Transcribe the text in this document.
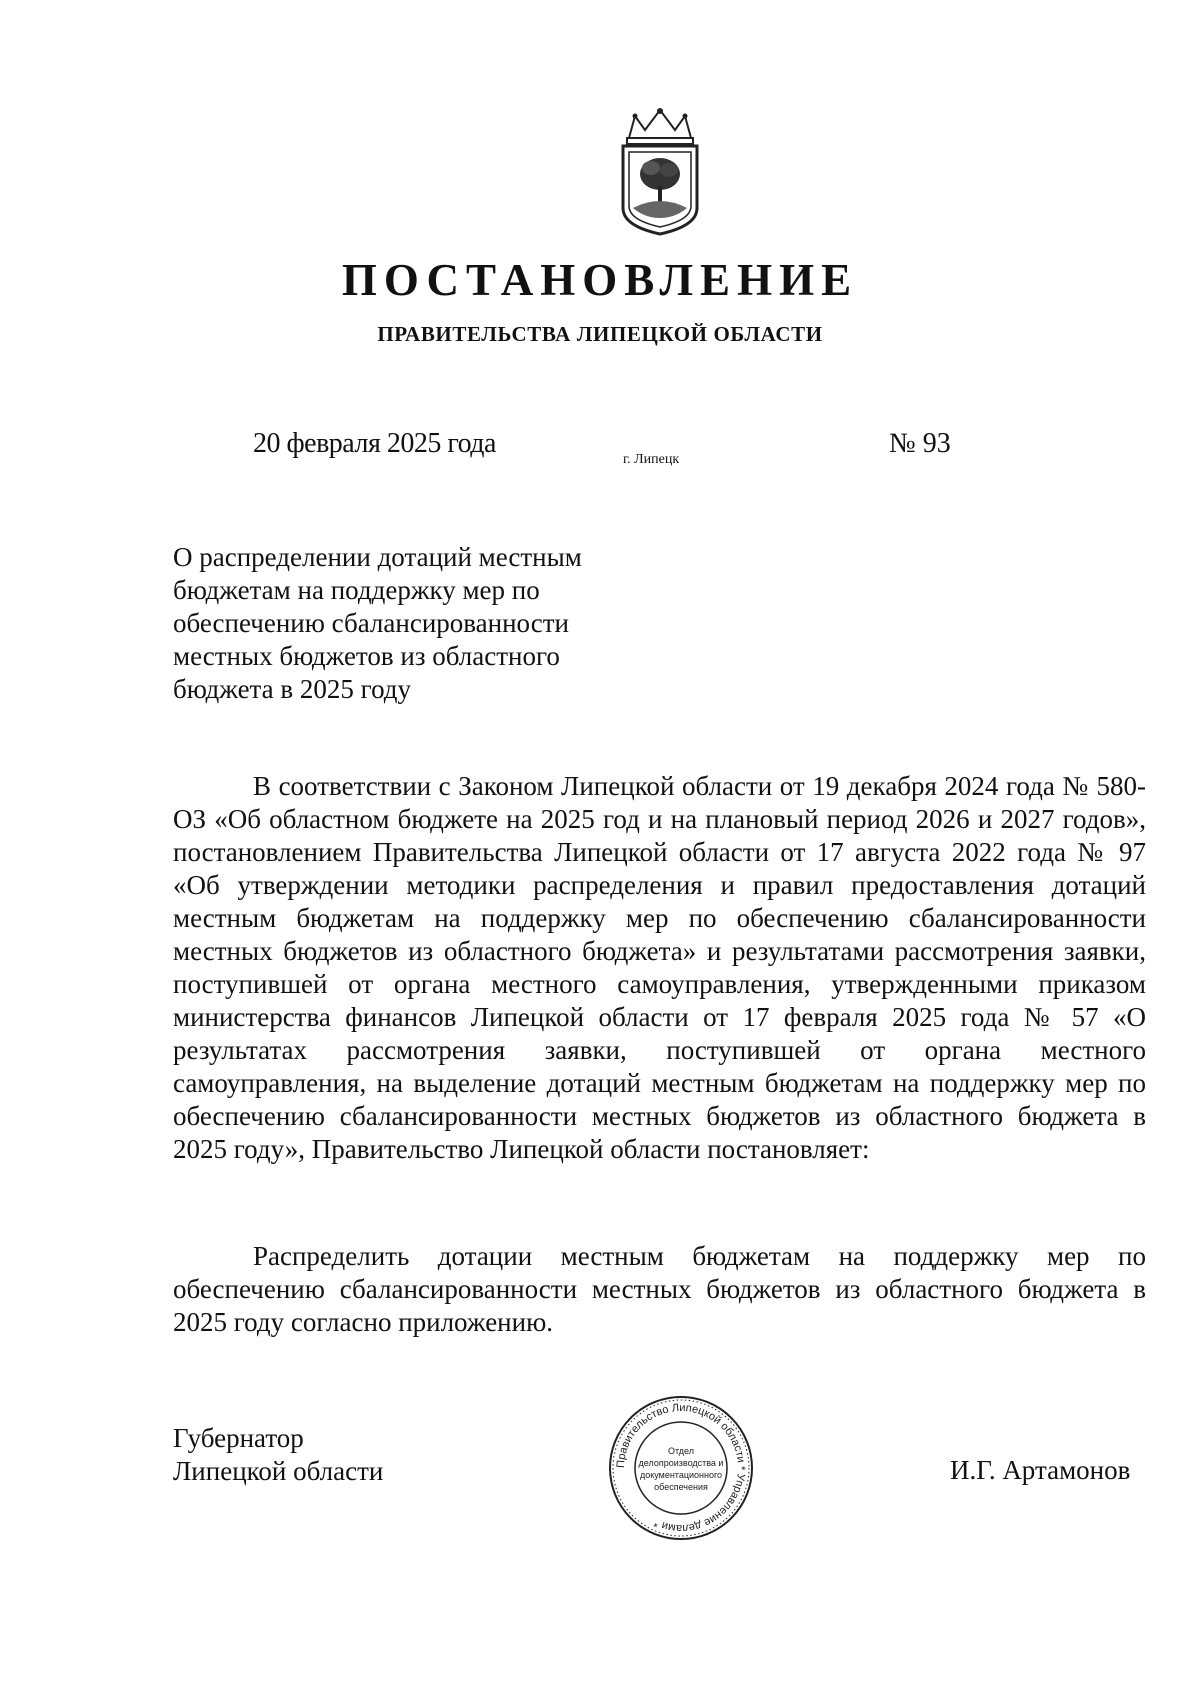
ПОСТАНОВЛЕНИЕ
ПРАВИТЕЛЬСТВА ЛИПЕЦКОЙ ОБЛАСТИ
20 февраля 2025 года
г. Липецк
№ 93
О распределении дотаций местным
бюджетам на поддержку мер по
обеспечению сбалансированности
местных бюджетов из областного
бюджета в 2025 году

В соответствии с Законом Липецкой области от 19 декабря 2024 года № 580-ОЗ «Об областном бюджете на 2025 год и на плановый период 2026 и 2027 годов», постановлением Правительства Липецкой области от 17 августа 2022 года № 97 «Об утверждении методики распределения и правил предоставления дотаций местным бюджетам на поддержку мер по обеспечению сбалансированности местных бюджетов из областного бюджета» и результатами рассмотрения заявки, поступившей от органа местного самоуправления, утвержденными приказом министерства финансов Липецкой области от 17 февраля 2025 года № 57 «О результатах рассмотрения заявки, поступившей от органа местного самоуправления, на выделение дотаций местным бюджетам на поддержку мер по обеспечению сбалансированности местных бюджетов из областного бюджета в 2025 году», Правительство Липецкой области постановляет:

Распределить дотации местным бюджетам на поддержку мер по обеспечению сбалансированности местных бюджетов из областного бюджета в 2025 году согласно приложению.

Губернатор
Липецкой области	Правительство Липецкой области * Управление делами *
Отдел
делопроизводства и
документационного
обеспечения
И.Г. Артамонов
